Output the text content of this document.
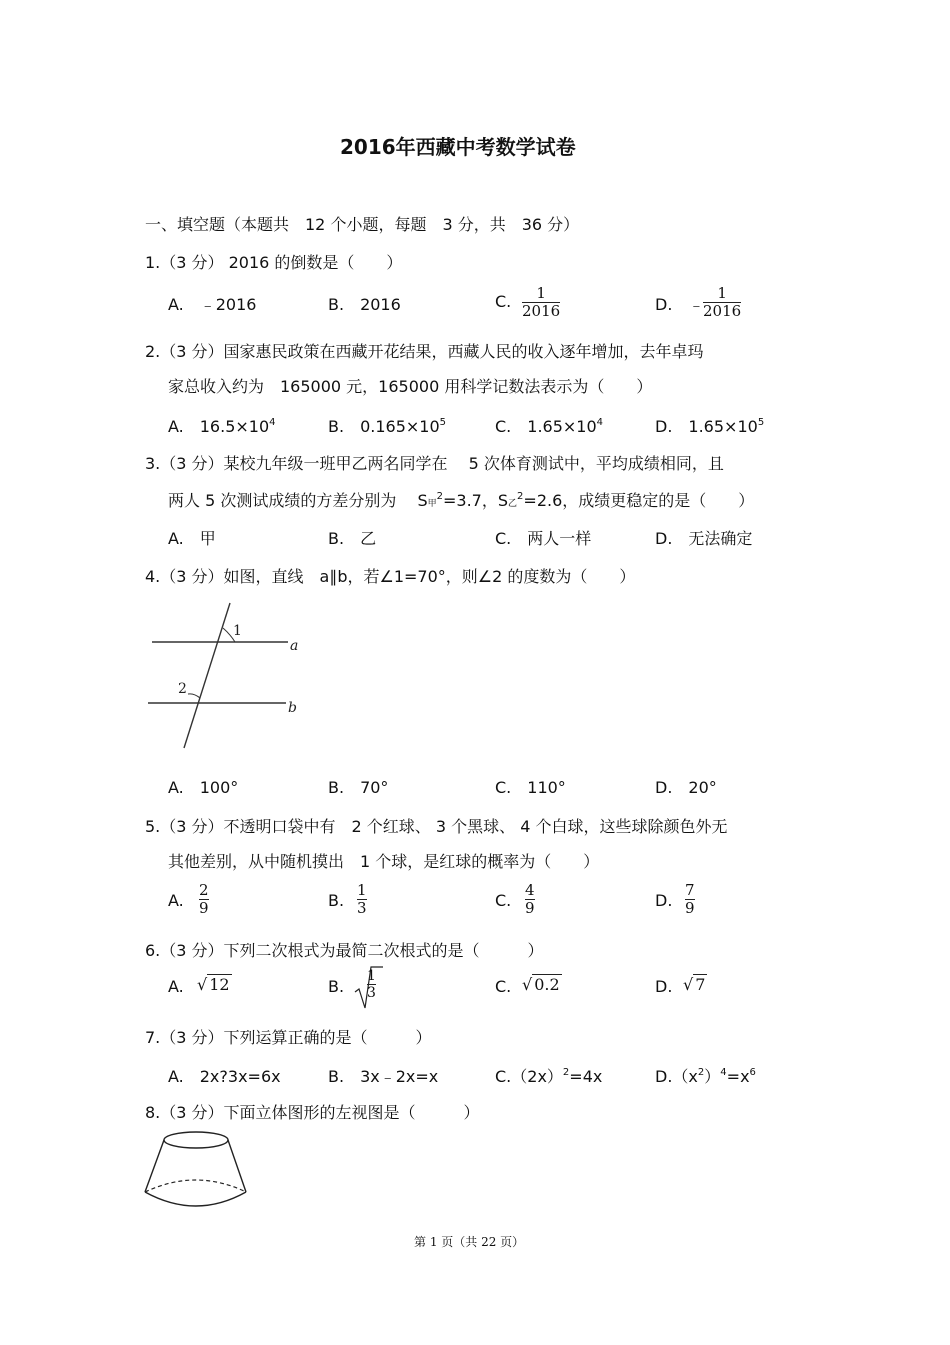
2016年西藏中考数学试卷
一、填空题（本题共　12 个小题，每题　3 分，共　36 分）
1.（3 分） 2016 的倒数是（　　）
A.　﹣2016	B.　2016	C. 1
2016	D.　﹣
1
2016
2.（3 分）国家惠民政策在西藏开花结果，西藏人民的收入逐年增加，去年卓玛
家总收入约为　165000 元，165000 用科学记数法表示为（　　）
A.　$16.5\times 10^4$	B.　$0.165\times 10^5$	C.　$1.65\times 10^4$	D.　$1.65\times 10^5$
3.（3 分）某校九年级一班甲乙两名同学在　 5 次体育测试中，平均成绩相同，且
两人 5 次测试成绩的方差分别为　 S甲$^2$=3.7，S乙$^2$=2.6，成绩更稳定的是（　　）
A.　甲	B.　乙	C.　两人一样	D.　无法确定
4.（3 分）如图，直线　a∥b，若∠1=70°，则∠2 的度数为（　　）
1
2
a
b
A.　100°	B.　70°	C.　110°	D.　20°
5.（3 分）不透明口袋中有　2 个红球、 3 个黑球、 4 个白球，这些球除颜色外无
其他差别，从中随机摸出　1 个球，是红球的概率为（　　）
A.
2
9	B.
1
3	C.
4
9	D.
7
9
6.（3 分）下列二次根式为最简二次根式的是（　　　）
A. √ 12	B.
1
3	C. √ 0.2	D. √ 7
7.（3 分）下列运算正确的是（　　　）
A.　2x?3x=6x	B.　3x﹣2x=x	$C.(2x)^2=4x$	$D.(x^2)^4=x^6$
8.（3 分）下面立体图形的左视图是（　　　）
第 1 页（共 22 页）
